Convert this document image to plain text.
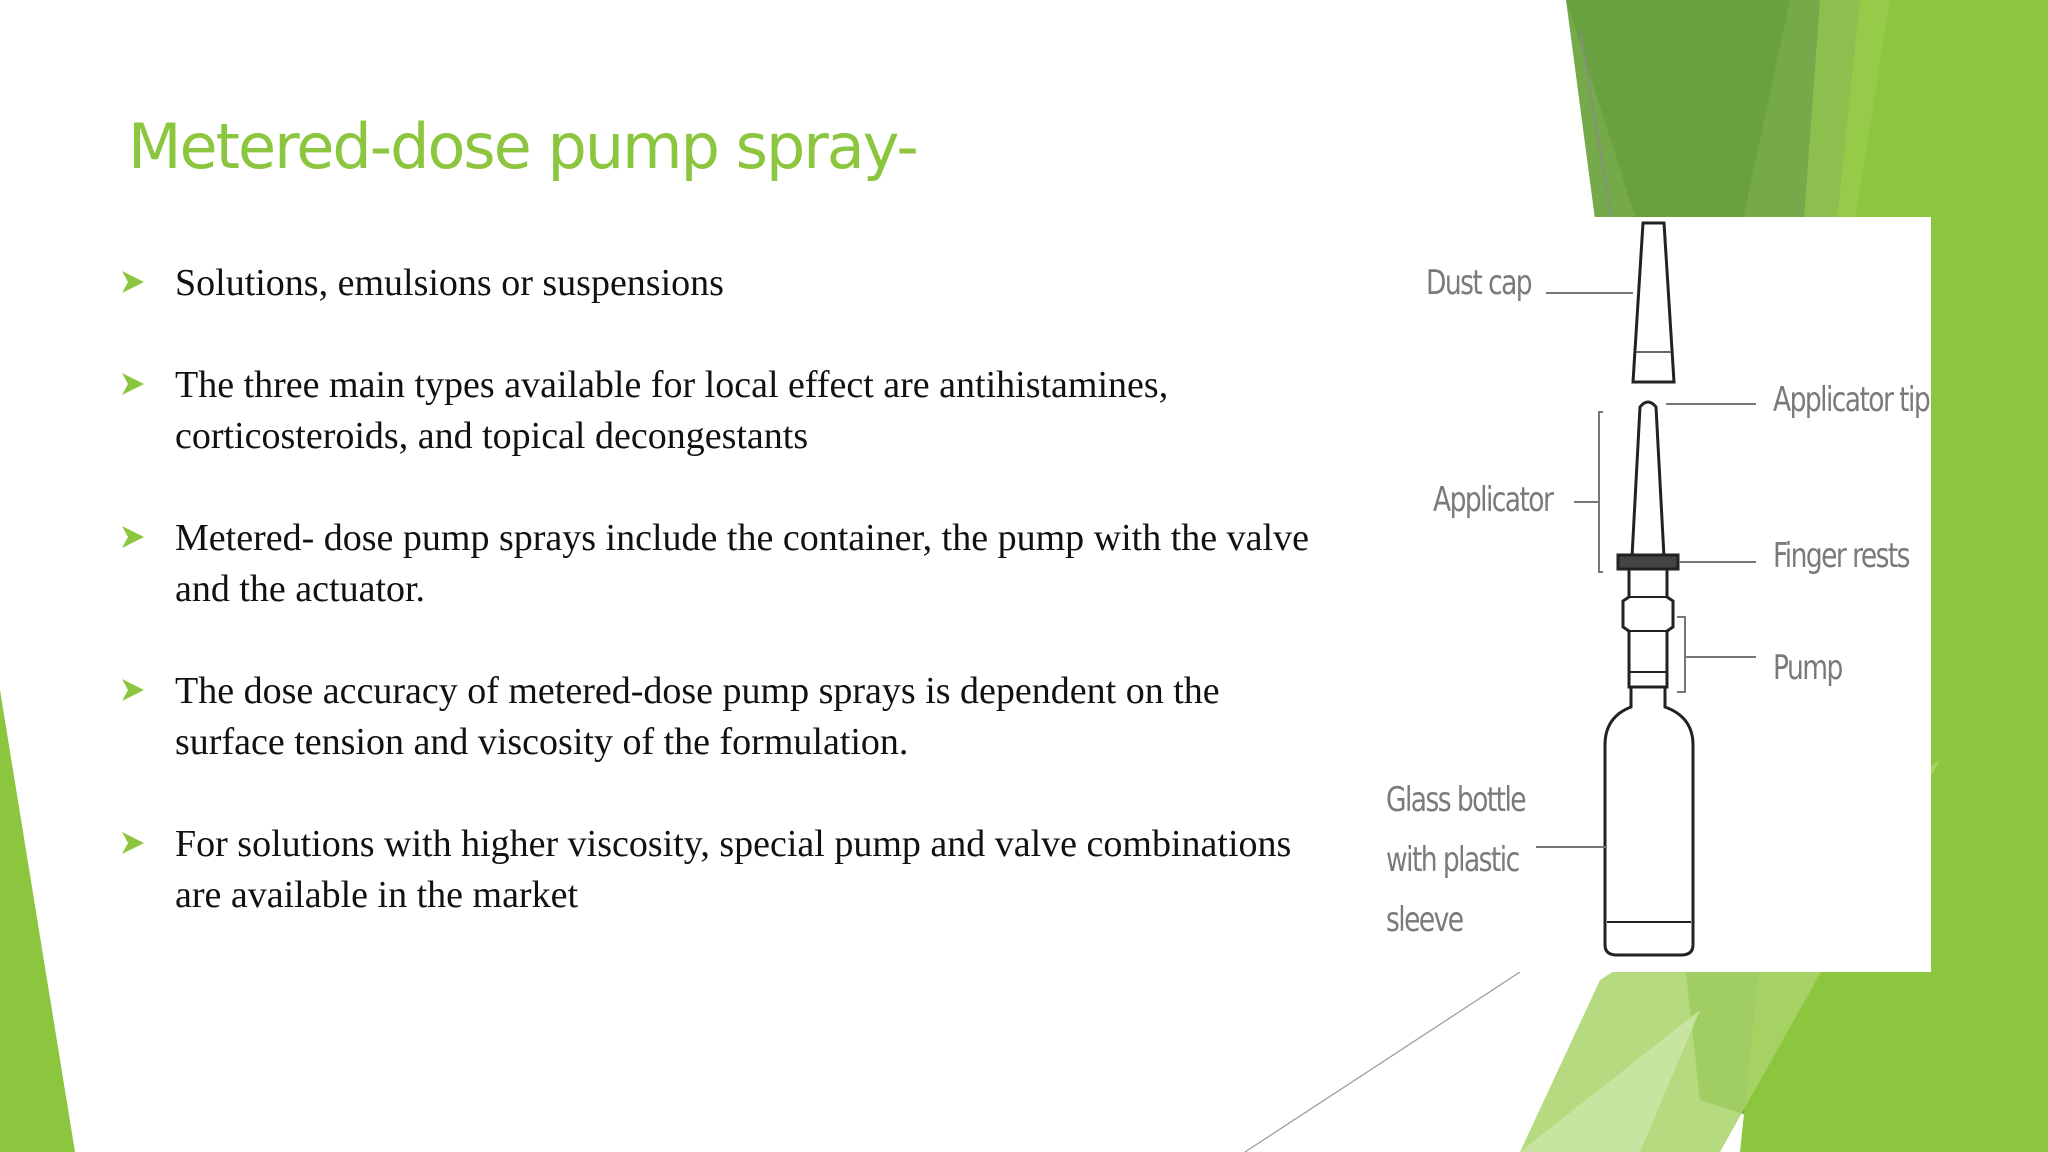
Metered-dose pump spray-
Solutions, emulsions or suspensions
The three main types available for local effect are antihistamines, corticosteroids, and topical decongestants
Metered- dose pump sprays include the container, the pump with the valve and the actuator.
The dose accuracy of metered-dose pump sprays is dependent on the surface tension and viscosity of the formulation.
For solutions with higher viscosity, special pump and valve combinations are available in the market
Dust cap
Applicator tip
Applicator
Finger rests
Pump
Glass bottle
with plastic
sleeve
